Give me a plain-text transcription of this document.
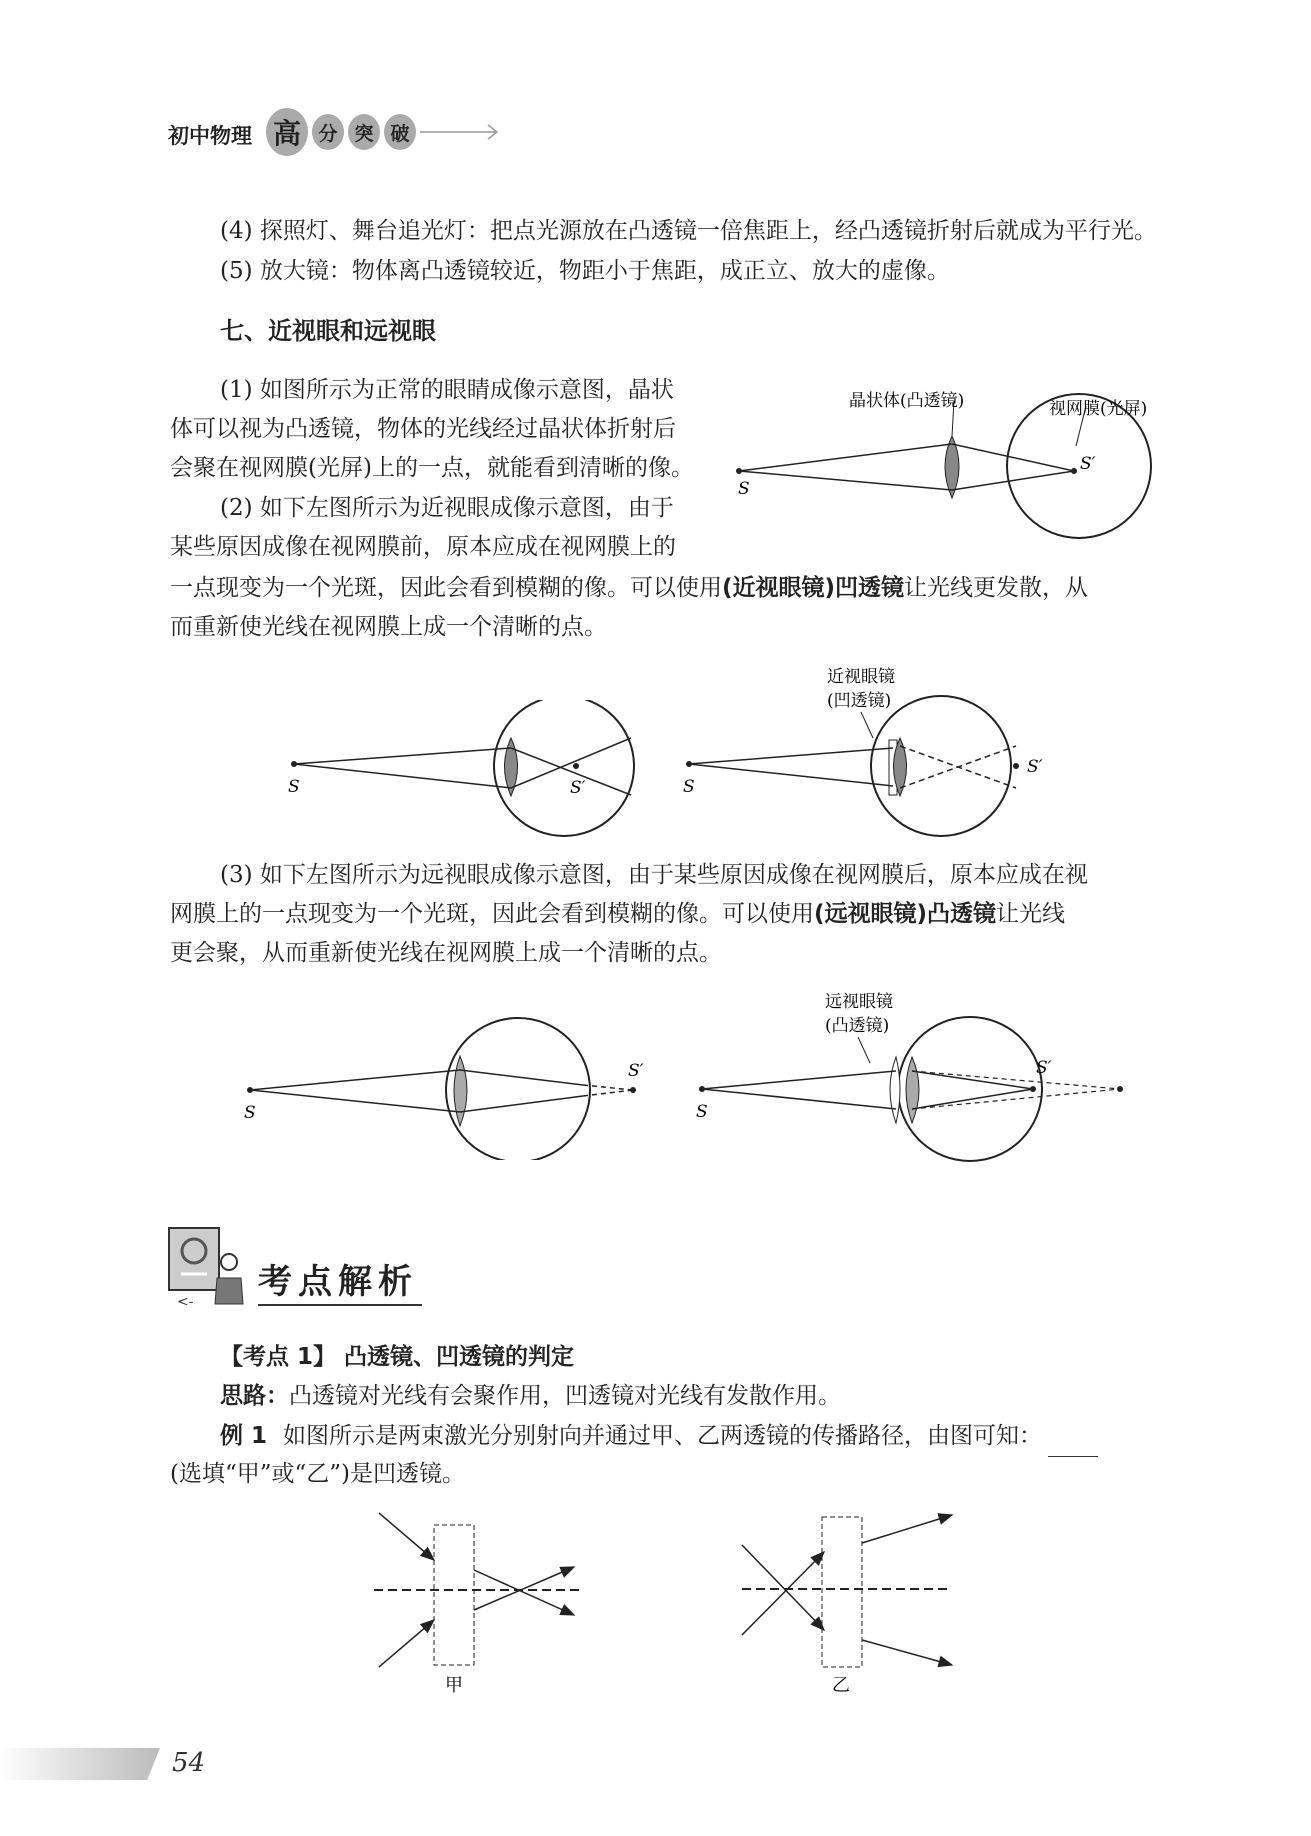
初中物理 高 分 突 破
(4) 探照灯、舞台追光灯：把点光源放在凸透镜一倍焦距上，经凸透镜折射后就成为平行光。
(5) 放大镜：物体离凸透镜较近，物距小于焦距，成正立、放大的虚像。
七、近视眼和远视眼
(1) 如图所示为正常的眼睛成像示意图，晶状
体可以视为凸透镜，物体的光线经过晶状体折射后
会聚在视网膜(光屏)上的一点，就能看到清晰的像。
(2) 如下左图所示为近视眼成像示意图，由于
某些原因成像在视网膜前，原本应成在视网膜上的
一点现变为一个光斑，因此会看到模糊的像。可以使用(近视眼镜)凹透镜让光线更发散，从
而重新使光线在视网膜上成一个清晰的点。
晶状体(凸透镜)	视网膜(光屏)
S
S′
S	S′
近视眼镜
(凹透镜)
S
S′
(3) 如下左图所示为远视眼成像示意图，由于某些原因成像在视网膜后，原本应成在视
网膜上的一点现变为一个光斑，因此会看到模糊的像。可以使用(远视眼镜)凸透镜让光线
更会聚，从而重新使光线在视网膜上成一个清晰的点。
S
S′
远视眼镜
(凸透镜)
S
S′
<- 考点解析
【考点 1】 凸透镜、凹透镜的判定
思路：凸透镜对光线有会聚作用，凹透镜对光线有发散作用。
例 1 如图所示是两束激光分别射向并通过甲、乙两透镜的传播路径，由图可知：
(选填“甲”或“乙”)是凹透镜。
甲	乙
54
